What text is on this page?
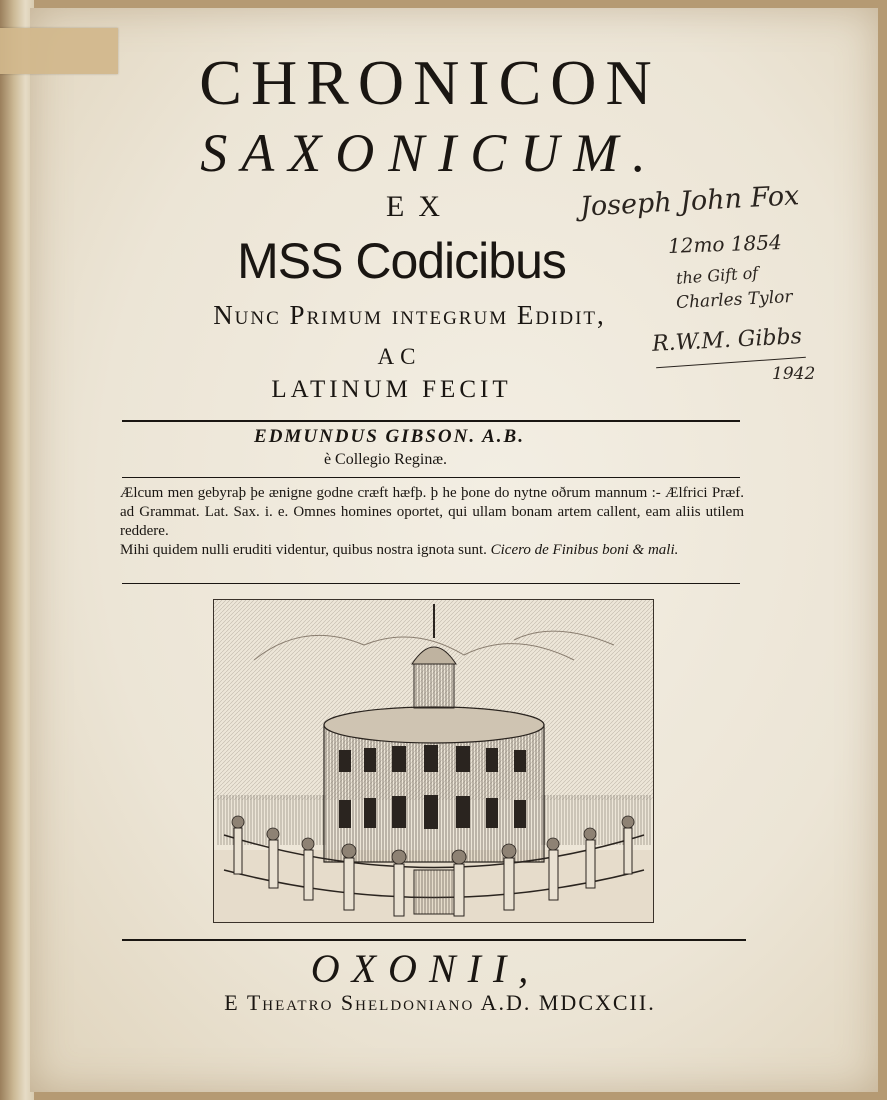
CHRONICON
SAXONICUM.
EX
MSS Codicibus
Nunc Primum integrum Edidit,
AC
LATINUM FECIT
EDMUNDUS GIBSON. A.B.
è Collegio Reginæ.

Ælcum men gebyraþ þe ænigne godne cræft hæfþ. þ he þone do nytne oðrum mannum :- Ælfrici Præf. ad Grammat. Lat. Sax. i. e. Omnes homines oportet, qui ullam bonam artem callent, eam aliis utilem reddere.

Mihi quidem nulli eruditi videntur, quibus nostra ignota sunt. Cicero de Finibus boni & mali.

OXONII,
E Theatro Sheldoniano A.D. MDCXCII.
Joseph John Fox
12mo 1854
the Gift of
Charles Tylor
R.W.M. Gibbs
1942
